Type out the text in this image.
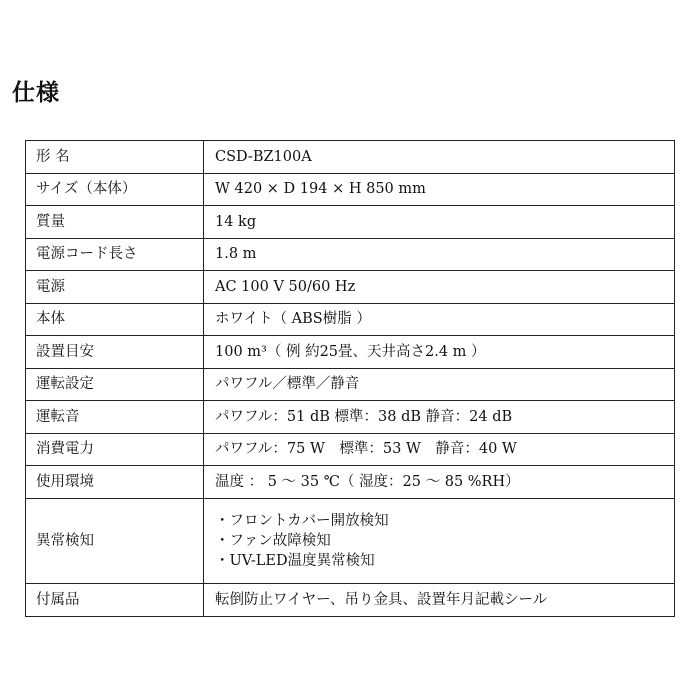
仕様
形 名	CSD-BZ100A
サイズ（本体）	W 420 × D 194 × H 850 mm
質量	14 kg
電源コード長さ	1.8 m
電源	AC 100 V 50/60 Hz
本体	ホワイト（ ABS樹脂 ）
設置目安	100 m³（ 例 約25畳、天井高さ2.4 m ）
運転設定	パワフル／標準／静音
運転音	パワフル：51 dB 標準：38 dB 静音：24 dB
消費電力	パワフル：75 W　標準：53 W　静音：40 W
使用環境	温度 ： 5 ～ 35 ℃（ 湿度：25 ～ 85 %RH）
異常検知	・フロントカバー開放検知
・ファン故障検知
・UV-LED温度異常検知

付属品	転倒防止ワイヤー、吊り金具、設置年月記載シール
